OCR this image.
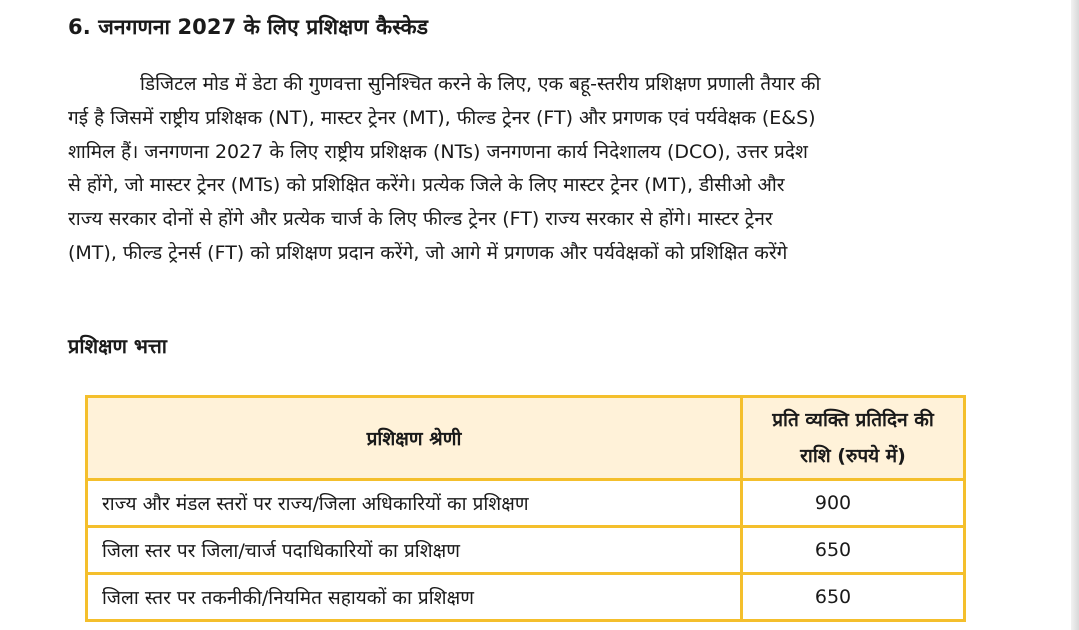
6. जनगणना 2027 के लिए प्रशिक्षण कैस्केड

डिजिटल मोड में डेटा की गुणवत्ता सुनिश्चित करने के लिए, एक बहू-स्तरीय प्रशिक्षण प्रणाली तैयार की
गई है जिसमें राष्ट्रीय प्रशिक्षक (NT), मास्टर ट्रेनर (MT), फील्ड ट्रेनर (FT) और प्रगणक एवं पर्यवेक्षक (E&S)
शामिल हैं। जनगणना 2027 के लिए राष्ट्रीय प्रशिक्षक (NTs) जनगणना कार्य निदेशालय (DCO), उत्तर प्रदेश
से होंगे, जो मास्टर ट्रेनर (MTs) को प्रशिक्षित करेंगे। प्रत्येक जिले के लिए मास्टर ट्रेनर (MT), डीसीओ और
राज्य सरकार दोनों से होंगे और प्रत्येक चार्ज के लिए फील्ड ट्रेनर (FT) राज्य सरकार से होंगे। मास्टर ट्रेनर
(MT), फील्ड ट्रेनर्स (FT) को प्रशिक्षण प्रदान करेंगे, जो आगे में प्रगणक और पर्यवेक्षकों को प्रशिक्षित करेंगे

प्रशिक्षण भत्ता
प्रशिक्षण श्रेणी	प्रति व्यक्ति प्रतिदिन की
राशि (रुपये में)
राज्य और मंडल स्तरों पर राज्य/जिला अधिकारियों का प्रशिक्षण	900
जिला स्तर पर जिला/चार्ज पदाधिकारियों का प्रशिक्षण	650
जिला स्तर पर तकनीकी/नियमित सहायकों का प्रशिक्षण	650
